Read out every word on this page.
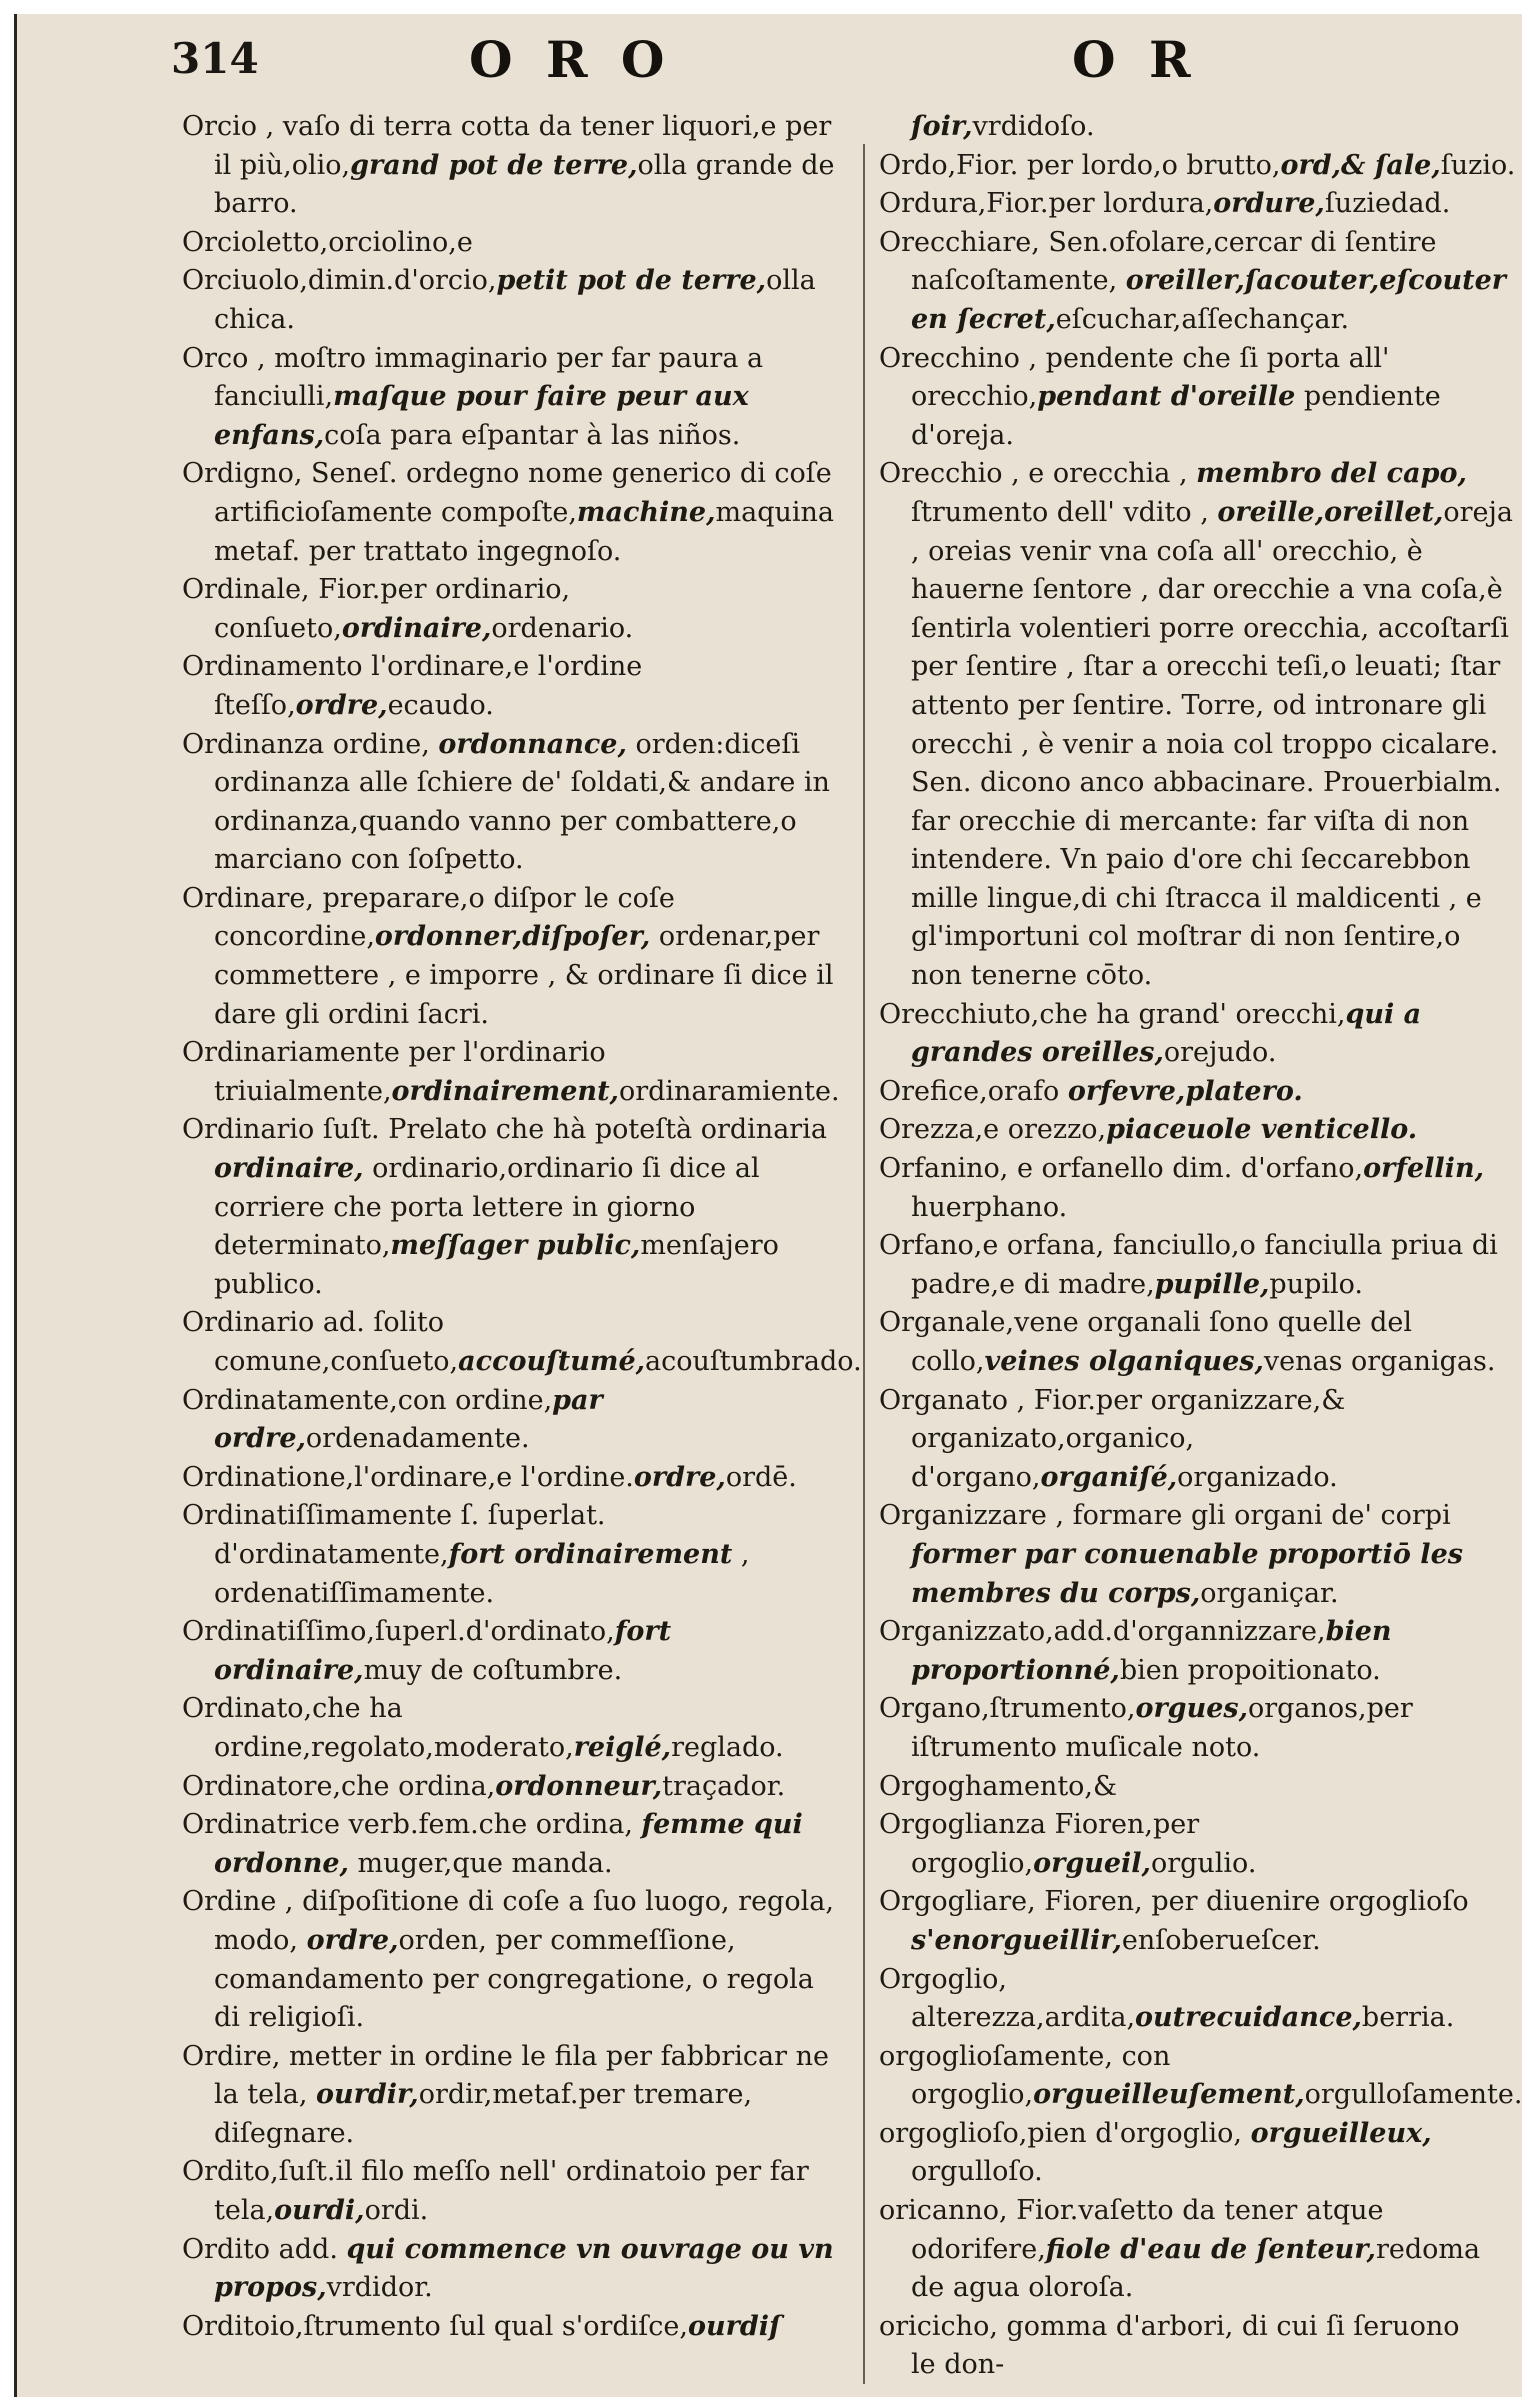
314	O R O	O R

Orcio , vaſo di terra cotta da tener liquori,e per il più,olio,grand pot de terre,olla grande de barro.

Orcioletto,orciolino,e

Orciuolo,dimin.d'orcio,petit pot de terre,olla chica.

Orco , moſtro immaginario per far paura a fanciulli,maſque pour faire peur aux enfans,coſa para eſpantar à las niños.

Ordigno, Seneſ. ordegno nome generico di coſe artificioſamente compoſte,machine,maquina metaf. per trattato ingegnoſo.

Ordinale, Fior.per ordinario, conſueto,ordinaire,ordenario.

Ordinamento l'ordinare,e l'ordine ſteſſo,ordre,ecaudo.

Ordinanza ordine, ordonnance, orden:diceſi ordinanza alle ſchiere de' ſoldati,& andare in ordinanza,quando vanno per combattere,o marciano con ſoſpetto.

Ordinare, preparare,o diſpor le coſe concordine,ordonner,diſpoſer, ordenar,per commettere , e imporre , & ordinare ſi dice il dare gli ordini ſacri.

Ordinariamente per l'ordinario triuialmente,ordinairement,ordinaramiente.

Ordinario ſuſt. Prelato che hà poteſtà ordinaria ordinaire, ordinario,ordinario ſi dice al corriere che porta lettere in giorno determinato,meſſager public,menſajero publico.

Ordinario ad. ſolito comune,conſueto,accouſtumé,acouſtumbrado.

Ordinatamente,con ordine,par ordre,ordenadamente.

Ordinatione,l'ordinare,e l'ordine.ordre,ordē.

Ordinatiſſimamente ſ. ſuperlat. d'ordinatamente,fort ordinairement , ordenatiſſimamente.

Ordinatiſſimo,ſuperl.d'ordinato,fort ordinaire,muy de coſtumbre.

Ordinato,che ha ordine,regolato,moderato,reiglé,reglado.

Ordinatore,che ordina,ordonneur,traçador.

Ordinatrice verb.fem.che ordina, femme qui ordonne, muger,que manda.

Ordine , diſpoſitione di coſe a ſuo luogo, regola, modo, ordre,orden, per commeſſione, comandamento per congregatione, o regola di religioſi.

Ordire, metter in ordine le fila per fabbricar ne la tela, ourdir,ordir,metaf.per tremare, diſegnare.

Ordito,ſuſt.il filo meſſo nell' ordinatoio per far tela,ourdi,ordi.

Ordito add. qui commence vn ouvrage ou vn propos,vrdidor.

Orditoio,ſtrumento ſul qual s'ordiſce,ourdiſ

ſoir,vrdidoſo.

Ordo,Fior. per lordo,o brutto,ord,& ſale,ſuzio.

Ordura,Fior.per lordura,ordure,ſuziedad.

Orecchiare, Sen.ofolare,cercar di ſentire naſcoſtamente, oreiller,ſacouter,eſcouter en ſecret,eſcuchar,aſſechançar.

Orecchino , pendente che ſi porta all' orecchio,pendant d'oreille pendiente d'oreja.

Orecchio , e orecchia , membro del capo, ſtrumento dell' vdito , oreille,oreillet,oreja , oreias venir vna coſa all' orecchio, è hauerne ſentore , dar orecchie a vna coſa,è ſentirla volentieri porre orecchia, accoſtarſi per ſentire , ſtar a orecchi teſi,o leuati; ſtar attento per ſentire. Torre, od intronare gli orecchi , è venir a noia col troppo cicalare. Sen. dicono anco abbacinare. Prouerbialm. far orecchie di mercante: far viſta di non intendere. Vn paio d'ore chi ſeccarebbon mille lingue,di chi ſtracca il maldicenti , e gl'importuni col moſtrar di non ſentire,o non tenerne cōto.

Orecchiuto,che ha grand' orecchi,qui a grandes oreilles,orejudo.

Orefice,orafo orfevre,platero.

Orezza,e orezzo,piaceuole venticello.

Orfanino, e orfanello dim. d'orfano,orfellin, huerphano.

Orfano,e orfana, fanciullo,o fanciulla priua di padre,e di madre,pupille,pupilo.

Organale,vene organali ſono quelle del collo,veines olganiques,venas organigas.

Organato , Fior.per organizzare,& organizato,organico, d'organo,organiſé,organizado.

Organizzare , formare gli organi de' corpi former par conuenable proportiō les membres du corps,organiçar.

Organizzato,add.d'organnizzare,bien proportionné,bien propoitionato.

Organo,ſtrumento,orgues,organos,per iſtrumento muſicale noto.

Orgoghamento,&

Orgoglianza Fioren,per orgoglio,orgueil,orgulio.

Orgogliare, Fioren, per diuenire orgoglioſo s'enorgueillir,enſoberueſcer.

Orgoglio, alterezza,ardita,outrecuidance,berria.

orgoglioſamente, con orgoglio,orgueilleuſement,orgulloſamente.

orgoglioſo,pien d'orgoglio, orgueilleux, orgulloſo.

oricanno, Fior.vaſetto da tener atque odorifere,fiole d'eau de ſenteur,redoma de agua oloroſa.

oricicho, gomma d'arbori, di cui ſi ſeruono

le don-
